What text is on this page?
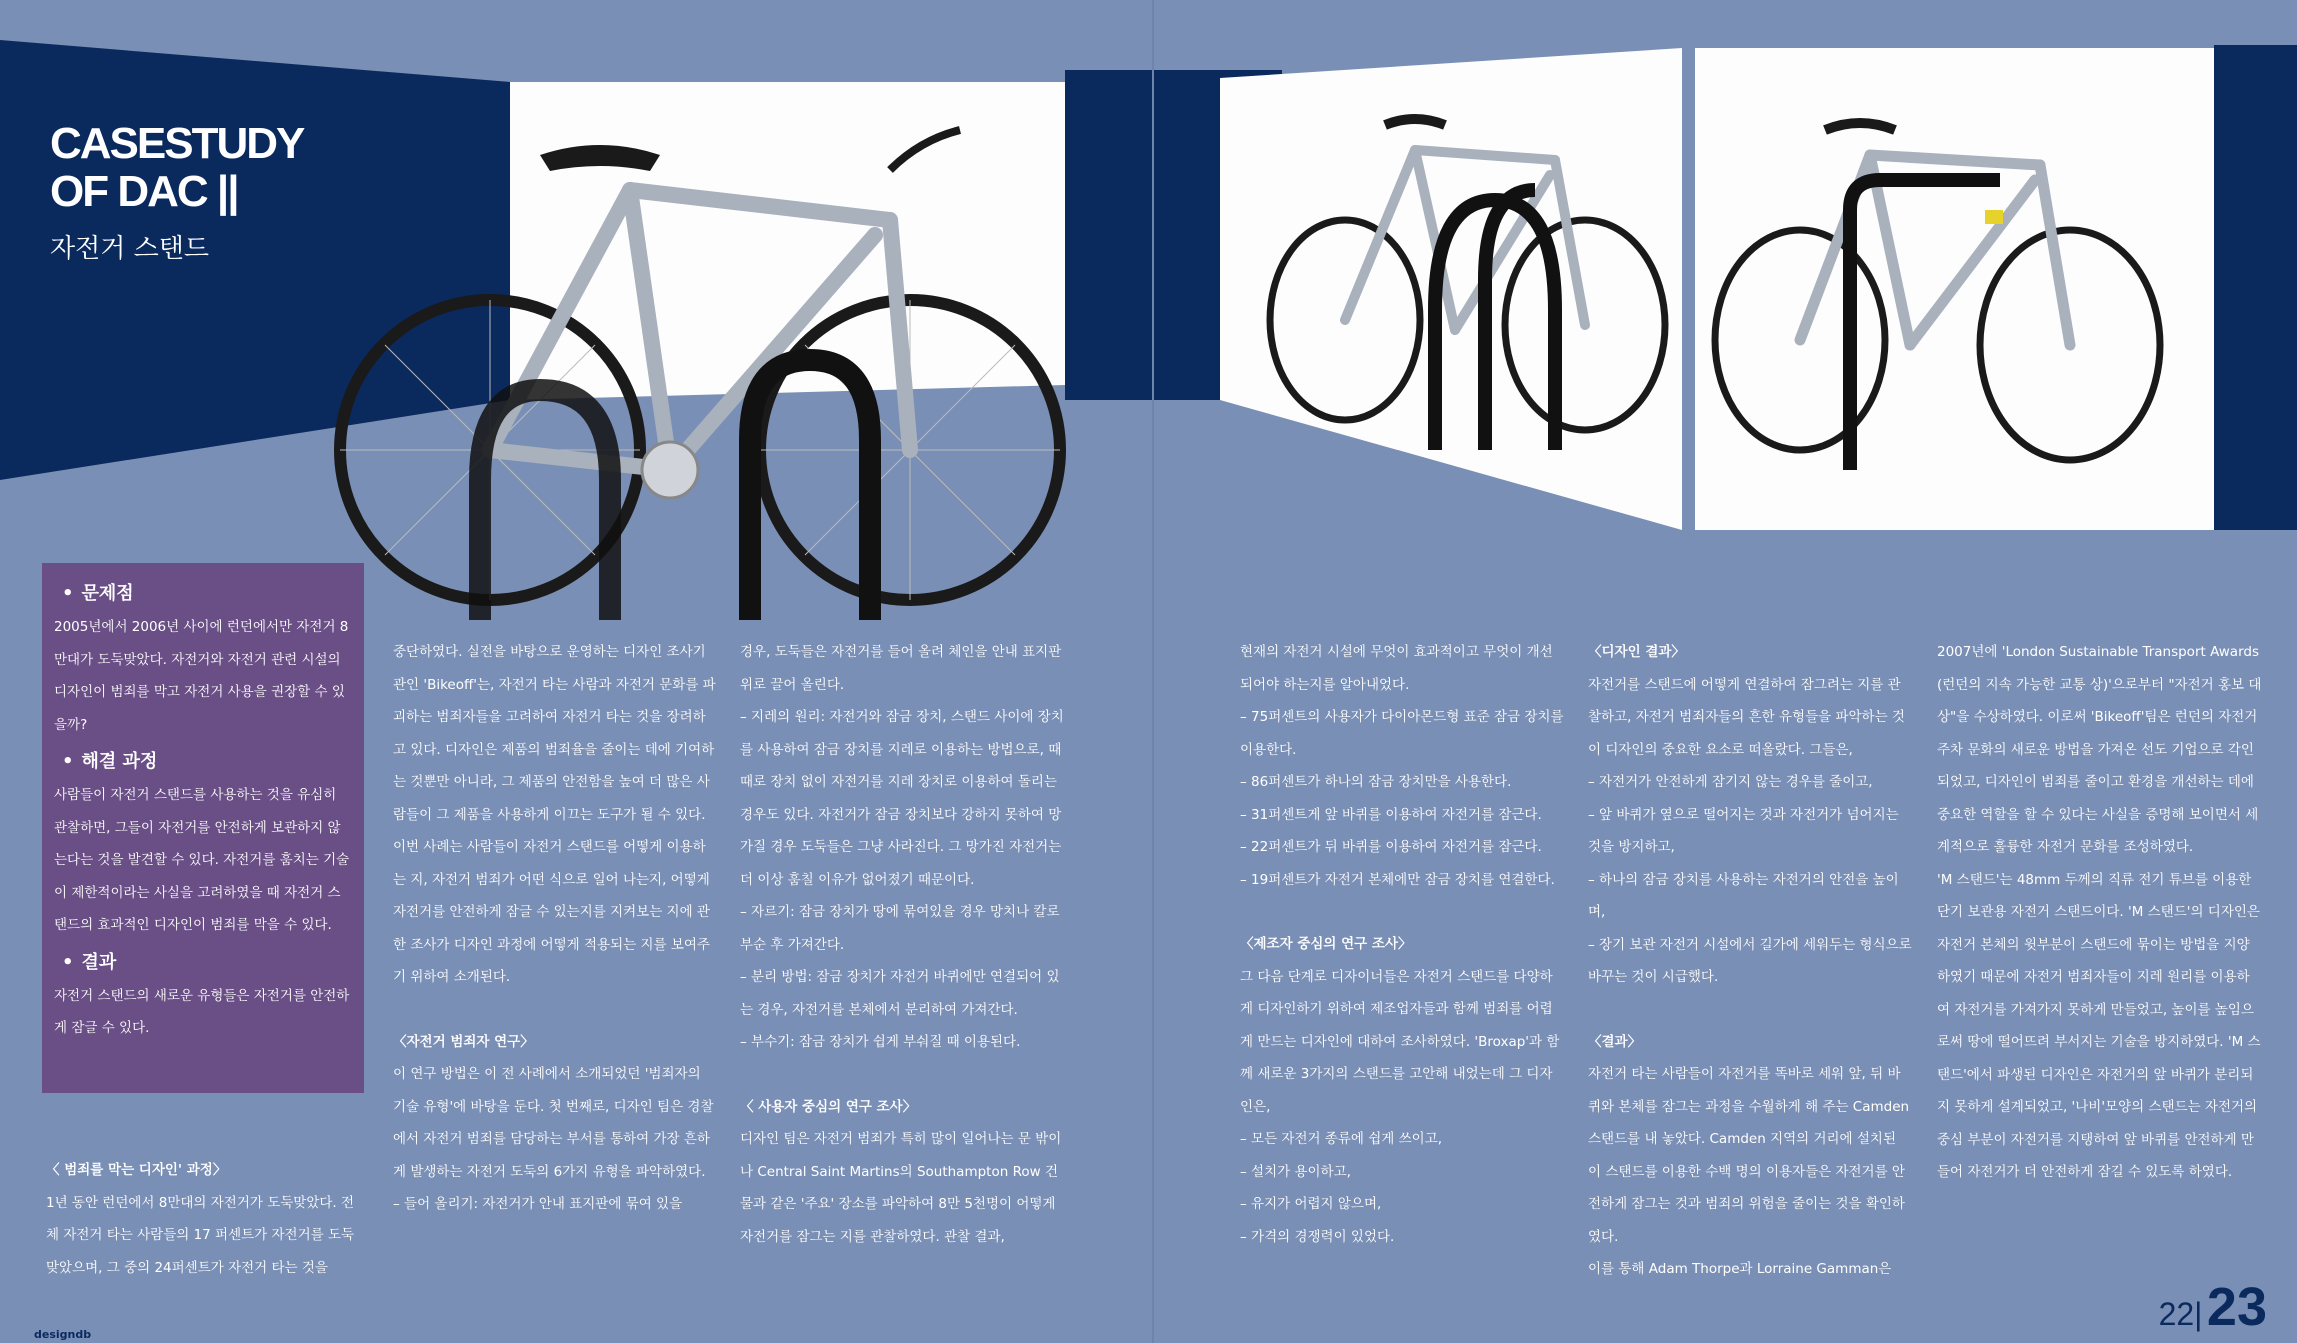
CASESTUDY
OF DAC ||
자전거 스탠드
• 문제점
2005년에서 2006년 사이에 런던에서만 자전거 8만대가 도둑맞았다. 자전거와 자전거 관련 시설의 디자인이 범죄를 막고 자전거 사용을 권장할 수 있을까?
• 해결 과정
사람들이 자전거 스탠드를 사용하는 것을 유심히 관찰하면, 그들이 자전거를 안전하게 보관하지 않는다는 것을 발견할 수 있다. 자전거를 훔치는 기술이 제한적이라는 사실을 고려하였을 때 자전거 스탠드의 효과적인 디자인이 범죄를 막을 수 있다.
• 결과
자전거 스탠드의 새로운 유형들은 자전거를 안전하게 잠글 수 있다.

〈 범죄를 막는 디자인' 과정〉

1년 동안 런던에서 8만대의 자전거가 도둑맞았다. 전체 자전거 타는 사람들의 17 퍼센트가 자전거를 도둑 맞았으며, 그 중의 24퍼센트가 자전거 타는 것을

중단하였다. 실전을 바탕으로 운영하는 디자인 조사기관인 'Bikeoff'는, 자전거 타는 사람과 자전거 문화를 파괴하는 범죄자들을 고려하여 자전거 타는 것을 장려하고 있다. 디자인은 제품의 범죄율을 줄이는 데에 기여하는 것뿐만 아니라, 그 제품의 안전함을 높여 더 많은 사람들이 그 제품을 사용하게 이끄는 도구가 될 수 있다. 이번 사례는 사람들이 자전거 스탠드를 어떻게 이용하는 지, 자전거 범죄가 어떤 식으로 일어 나는지, 어떻게 자전거를 안전하게 잠글 수 있는지를 지켜보는 지에 관한 조사가 디자인 과정에 어떻게 적용되는 지를 보여주기 위하여 소개된다.

〈자전거 범죄자 연구〉

이 연구 방법은 이 전 사례에서 소개되었던 '범죄자의 기술 유형'에 바탕을 둔다. 첫 번째로, 디자인 팀은 경찰에서 자전거 범죄를 담당하는 부서를 통하여 가장 흔하게 발생하는 자전거 도둑의 6가지 유형을 파악하였다.

– 들어 올리기: 자전거가 안내 표지판에 묶여 있을

경우, 도둑들은 자전거를 들어 올려 체인을 안내 표지판 위로 끌어 올린다.

– 지레의 원리: 자전거와 잠금 장치, 스탠드 사이에 장치를 사용하여 잠금 장치를 지레로 이용하는 방법으로, 때때로 장치 없이 자전거를 지레 장치로 이용하여 돌리는 경우도 있다. 자전거가 잠금 장치보다 강하지 못하여 망가질 경우 도둑들은 그냥 사라진다. 그 망가진 자전거는 더 이상 훔칠 이유가 없어졌기 때문이다.

– 자르기: 잠금 장치가 땅에 묶여있을 경우 망치나 칼로 부순 후 가져간다.

– 분리 방법: 잠금 장치가 자전거 바퀴에만 연결되어 있는 경우, 자전거를 본체에서 분리하여 가져간다.

– 부수기: 잠금 장치가 쉽게 부숴질 때 이용된다.

〈 사용자 중심의 연구 조사〉

디자인 팀은 자전거 범죄가 특히 많이 일어나는 문 밖이나 Central Saint Martins의 Southampton Row 건물과 같은 '주요' 장소를 파악하여 8만 5천명이 어떻게 자전거를 잠그는 지를 관찰하였다. 관찰 결과,

현재의 자전거 시설에 무엇이 효과적이고 무엇이 개선되어야 하는지를 알아내었다.

– 75퍼센트의 사용자가 다이아몬드형 표준 잠금 장치를 이용한다.

– 86퍼센트가 하나의 잠금 장치만을 사용한다.

– 31퍼센트게 앞 바퀴를 이용하여 자전거를 잠근다.

– 22퍼센트가 뒤 바퀴를 이용하여 자전거를 잠근다.

– 19퍼센트가 자전거 본체에만 잠금 장치를 연결한다.

〈제조자 중심의 연구 조사〉

그 다음 단계로 디자이너들은 자전거 스탠드를 다양하게 디자인하기 위하여 제조업자들과 함께 범죄를 어렵게 만드는 디자인에 대하여 조사하였다. 'Broxap'과 함께 새로운 3가지의 스탠드를 고안해 내었는데 그 디자인은,

– 모든 자전거 종류에 쉽게 쓰이고,

– 설치가 용이하고,

– 유지가 어렵지 않으며,

– 가격의 경쟁력이 있었다.

〈디자인 결과〉

자전거를 스탠드에 어떻게 연결하여 잠그려는 지를 관찰하고, 자전거 범죄자들의 흔한 유형들을 파악하는 것이 디자인의 중요한 요소로 떠올랐다. 그들은,

– 자전거가 안전하게 잠기지 않는 경우를 줄이고,

– 앞 바퀴가 옆으로 떨어지는 것과 자전거가 넘어지는 것을 방지하고,

– 하나의 잠금 장치를 사용하는 자전거의 안전을 높이며,

– 장기 보관 자전거 시설에서 길가에 세워두는 형식으로 바꾸는 것이 시급했다.

〈결과〉

자전거 타는 사람들이 자전거를 똑바로 세워 앞, 뒤 바퀴와 본체를 잠그는 과정을 수월하게 해 주는 Camden 스탠드를 내 놓았다. Camden 지역의 거리에 설치된 이 스탠드를 이용한 수백 명의 이용자들은 자전거를 안전하게 잠그는 것과 범죄의 위험을 줄이는 것을 확인하였다.

이를 통해 Adam Thorpe과 Lorraine Gamman은

2007년에 'London Sustainable Transport Awards (런던의 지속 가능한 교통 상)'으로부터 "자전거 홍보 대상"을 수상하였다. 이로써 'Bikeoff'팀은 런던의 자전거 주차 문화의 새로운 방법을 가져온 선도 기업으로 각인되었고, 디자인이 범죄를 줄이고 환경을 개선하는 데에 중요한 역할을 할 수 있다는 사실을 증명해 보이면서 세계적으로 훌륭한 자전거 문화를 조성하였다.

'M 스탠드'는 48mm 두께의 직류 전기 튜브를 이용한 단기 보관용 자전거 스탠드이다. 'M 스탠드'의 디자인은 자전거 본체의 윗부분이 스탠드에 묶이는 방법을 지양하였기 때문에 자전거 범죄자들이 지레 원리를 이용하여 자전거를 가져가지 못하게 만들었고, 높이를 높임으로써 땅에 떨어뜨려 부서지는 기술을 방지하였다. 'M 스탠드'에서 파생된 디자인은 자전거의 앞 바퀴가 분리되지 못하게 설계되었고, '나비'모양의 스탠드는 자전거의 중심 부분이 자전거를 지탱하여 앞 바퀴를 안전하게 만들어 자전거가 더 안전하게 잠길 수 있도록 하였다.

22| 23
designdb
